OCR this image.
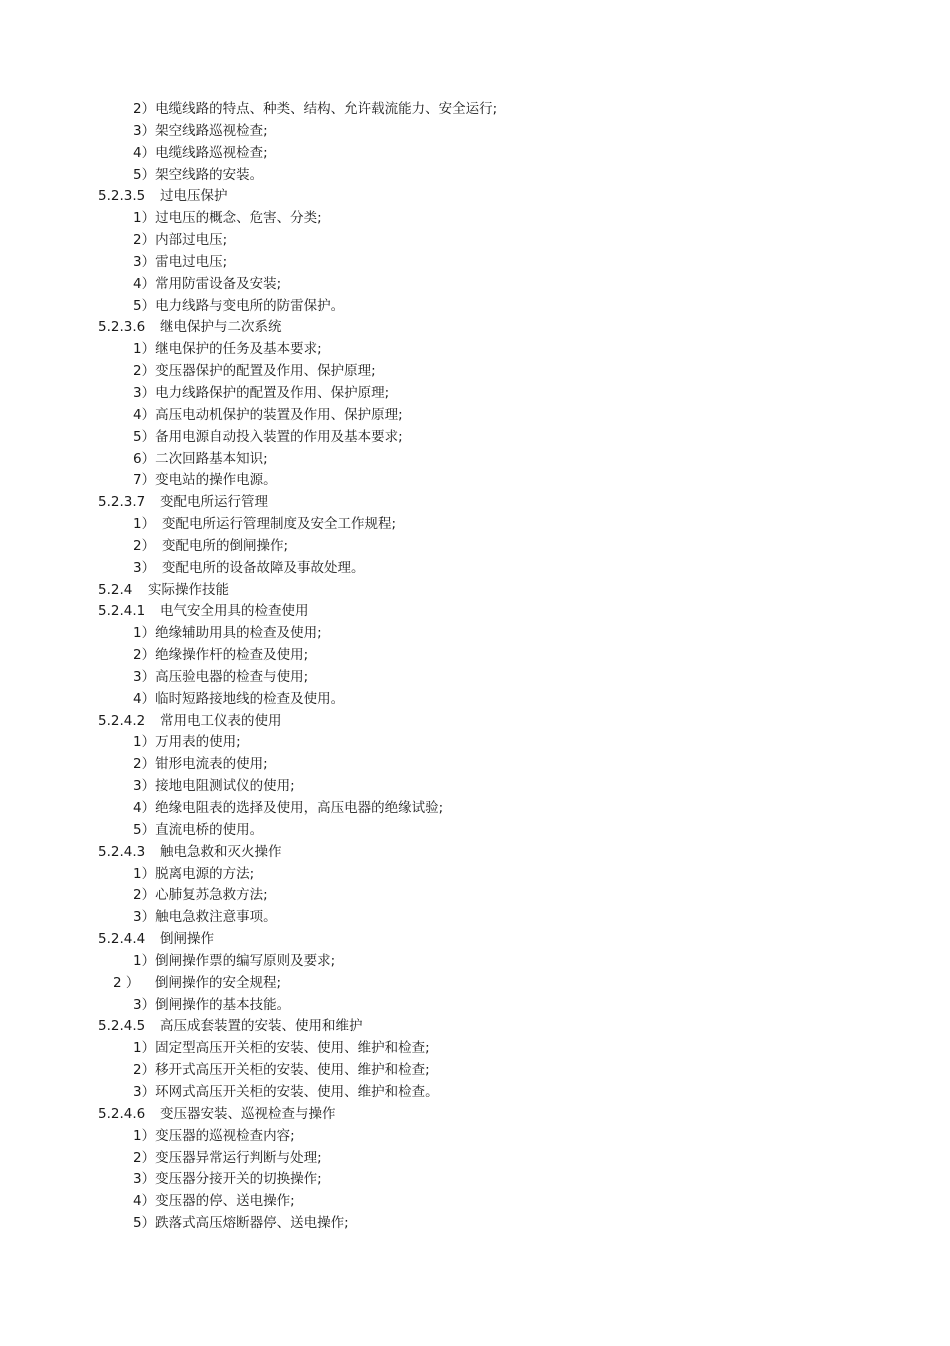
2）电缆线路的特点、种类、结构、允许载流能力、安全运行;
3）架空线路巡视检查;
4）电缆线路巡视检查;
5）架空线路的安装。
5.2.3.5 过电压保护
1）过电压的概念、危害、分类;
2）内部过电压;
3）雷电过电压;
4）常用防雷设备及安装;
5）电力线路与变电所的防雷保护。
5.2.3.6 继电保护与二次系统
1）继电保护的任务及基本要求;
2）变压器保护的配置及作用、保护原理;
3）电力线路保护的配置及作用、保护原理;
4）高压电动机保护的装置及作用、保护原理;
5）备用电源自动投入装置的作用及基本要求;
6）二次回路基本知识;
7）变电站的操作电源。
5.2.3.7 变配电所运行管理
1） 变配电所运行管理制度及安全工作规程;
2） 变配电所的倒闸操作;
3） 变配电所的设备故障及事故处理。
5.2.4 实际操作技能
5.2.4.1 电气安全用具的检查使用
1）绝缘辅助用具的检查及使用;
2）绝缘操作杆的检查及使用;
3）高压验电器的检查与使用;
4）临时短路接地线的检查及使用。
5.2.4.2 常用电工仪表的使用
1）万用表的使用;
2）钳形电流表的使用;
3）接地电阻测试仪的使用;
4）绝缘电阻表的选择及使用，高压电器的绝缘试验;
5）直流电桥的使用。
5.2.4.3 触电急救和灭火操作
1）脱离电源的方法;
2）心肺复苏急救方法;
3）触电急救注意事项。
5.2.4.4 倒闸操作
1）倒闸操作票的编写原则及要求;
2 ） 倒闸操作的安全规程;
3）倒闸操作的基本技能。
5.2.4.5 高压成套装置的安装、使用和维护
1）固定型高压开关柜的安装、使用、维护和检查;
2）移开式高压开关柜的安装、使用、维护和检查;
3）环网式高压开关柜的安装、使用、维护和检查。
5.2.4.6 变压器安装、巡视检查与操作
1）变压器的巡视检查内容;
2）变压器异常运行判断与处理;
3）变压器分接开关的切换操作;
4）变压器的停、送电操作;
5）跌落式高压熔断器停、送电操作;
